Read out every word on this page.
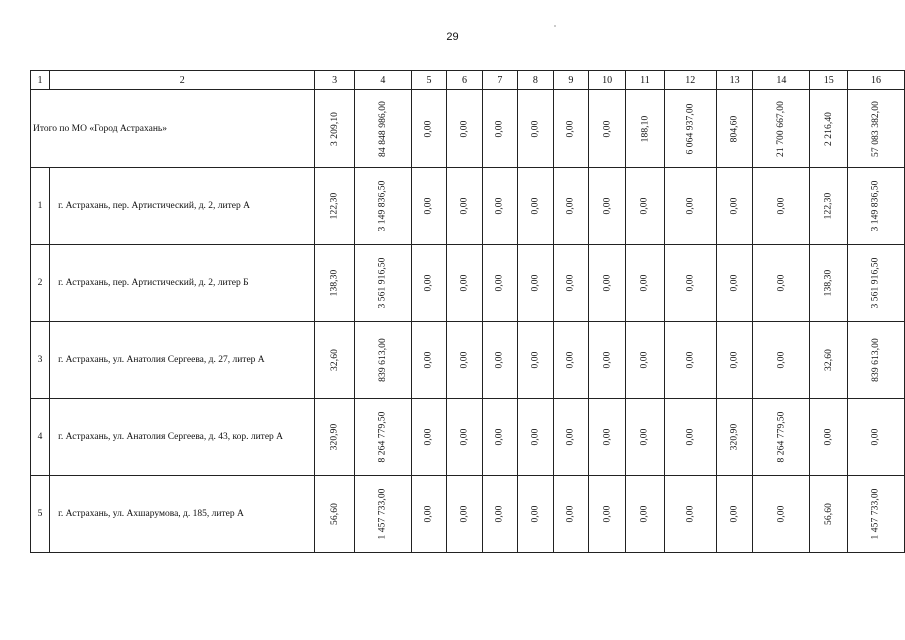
29
1	2	3	4	5	6	7	8	9	10	11	12	13	14	15	16
Итого по МО «Город Астрахань»		3 209,10	84 848 986,00	0,00	0,00	0,00	0,00	0,00	0,00	188,10	6 064 937,00	804,60	21 700 667,00	2 216,40	57 083 382,00
1	г. Астрахань, пер. Артистический, д. 2, литер А	122,30	3 149 836,50	0,00	0,00	0,00	0,00	0,00	0,00	0,00	0,00	0,00	0,00	122,30	3 149 836,50
2	г. Астрахань, пер. Артистический, д. 2, литер Б	138,30	3 561 916,50	0,00	0,00	0,00	0,00	0,00	0,00	0,00	0,00	0,00	0,00	138,30	3 561 916,50
3	г. Астрахань, ул. Анатолия Сергеева, д. 27, литер А	32,60	839 613,00	0,00	0,00	0,00	0,00	0,00	0,00	0,00	0,00	0,00	0,00	32,60	839 613,00
4	г. Астрахань, ул. Анатолия Сергеева, д. 43, кор. литер А	320,90	8 264 779,50	0,00	0,00	0,00	0,00	0,00	0,00	0,00	0,00	320,90	8 264 779,50	0,00	0,00
5	г. Астрахань, ул. Ахшарумова, д. 185, литер А	56,60	1 457 733,00	0,00	0,00	0,00	0,00	0,00	0,00	0,00	0,00	0,00	0,00	56,60	1 457 733,00
